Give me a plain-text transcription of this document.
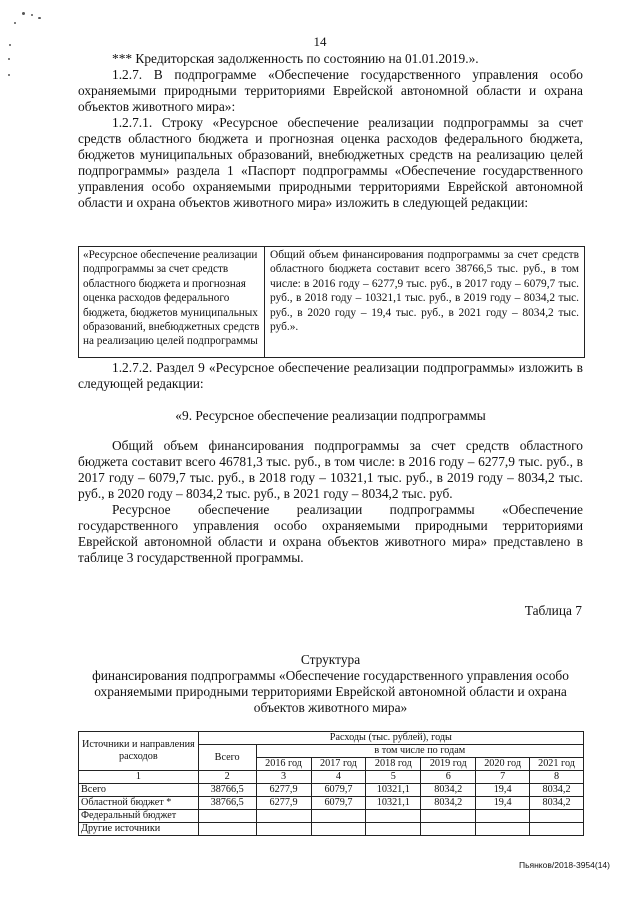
14

*** Кредиторская задолженность по состоянию на 01.01.2019.».

1.2.7. В подпрограмме «Обеспечение государственного управления особо охраняемыми природными территориями Еврейской автономной области и охрана объектов животного мира»:

1.2.7.1. Строку «Ресурсное обеспечение реализации подпрограммы за счет средств областного бюджета и прогнозная оценка расходов федерального бюджета, бюджетов муниципальных образований, внебюджетных средств на реализацию целей подпрограммы» раздела 1 «Паспорт подпрограммы «Обеспечение государственного управления особо охраняемыми природными территориями Еврейской автономной области и охрана объектов животного мира» изложить в следующей редакции:

«Ресурсное обеспечение реализации подпрограммы за счет средств областного бюджета и прогнозная оценка расходов федерального бюджета, бюджетов муниципальных образований, внебюджетных средств на реализацию целей подпрограммы
Общий объем финансирования подпрограммы за счет средств областного бюджета составит всего 38766,5 тыс. руб., в том числе: в 2016 году – 6277,9 тыс. руб., в 2017 году – 6079,7 тыс. руб., в 2018 году – 10321,1 тыс. руб., в 2019 году – 8034,2 тыс. руб., в 2020 году – 19,4 тыс. руб., в 2021 году – 8034,2 тыс. руб.».

1.2.7.2. Раздел 9 «Ресурсное обеспечение реализации подпрограммы» изложить в следующей редакции:

«9. Ресурсное обеспечение реализации подпрограммы

Общий объем финансирования подпрограммы за счет средств областного бюджета составит всего 46781,3 тыс. руб., в том числе: в 2016 году – 6277,9 тыс. руб., в 2017 году – 6079,7 тыс. руб., в 2018 году – 10321,1 тыс. руб., в 2019 году – 8034,2 тыс. руб., в 2020 году – 8034,2 тыс. руб., в 2021 году – 8034,2 тыс. руб.

Ресурсное обеспечение реализации подпрограммы «Обеспечение государственного управления особо охраняемыми природными территориями Еврейской автономной области и охрана объектов животного мира» представлено в таблице 3 государственной программы.

Таблица 7
Структура
финансирования подпрограммы «Обеспечение государственного управления особо охраняемыми природными территориями Еврейской автономной области и охрана объектов животного мира»
Источники и направления расходов	Расходы (тыс. рублей), годы						
	Всего	в том числе по годам					
		2016 год	2017 год	2018 год	2019 год	2020 год	2021 год
1	2	3	4	5	6	7	8
Всего	38766,5	6277,9	6079,7	10321,1	8034,2	19,4	8034,2
Областной бюджет *	38766,5	6277,9	6079,7	10321,1	8034,2	19,4	8034,2
Федеральный бюджет							
Другие источники							
Пьянков/2018-3954(14)
